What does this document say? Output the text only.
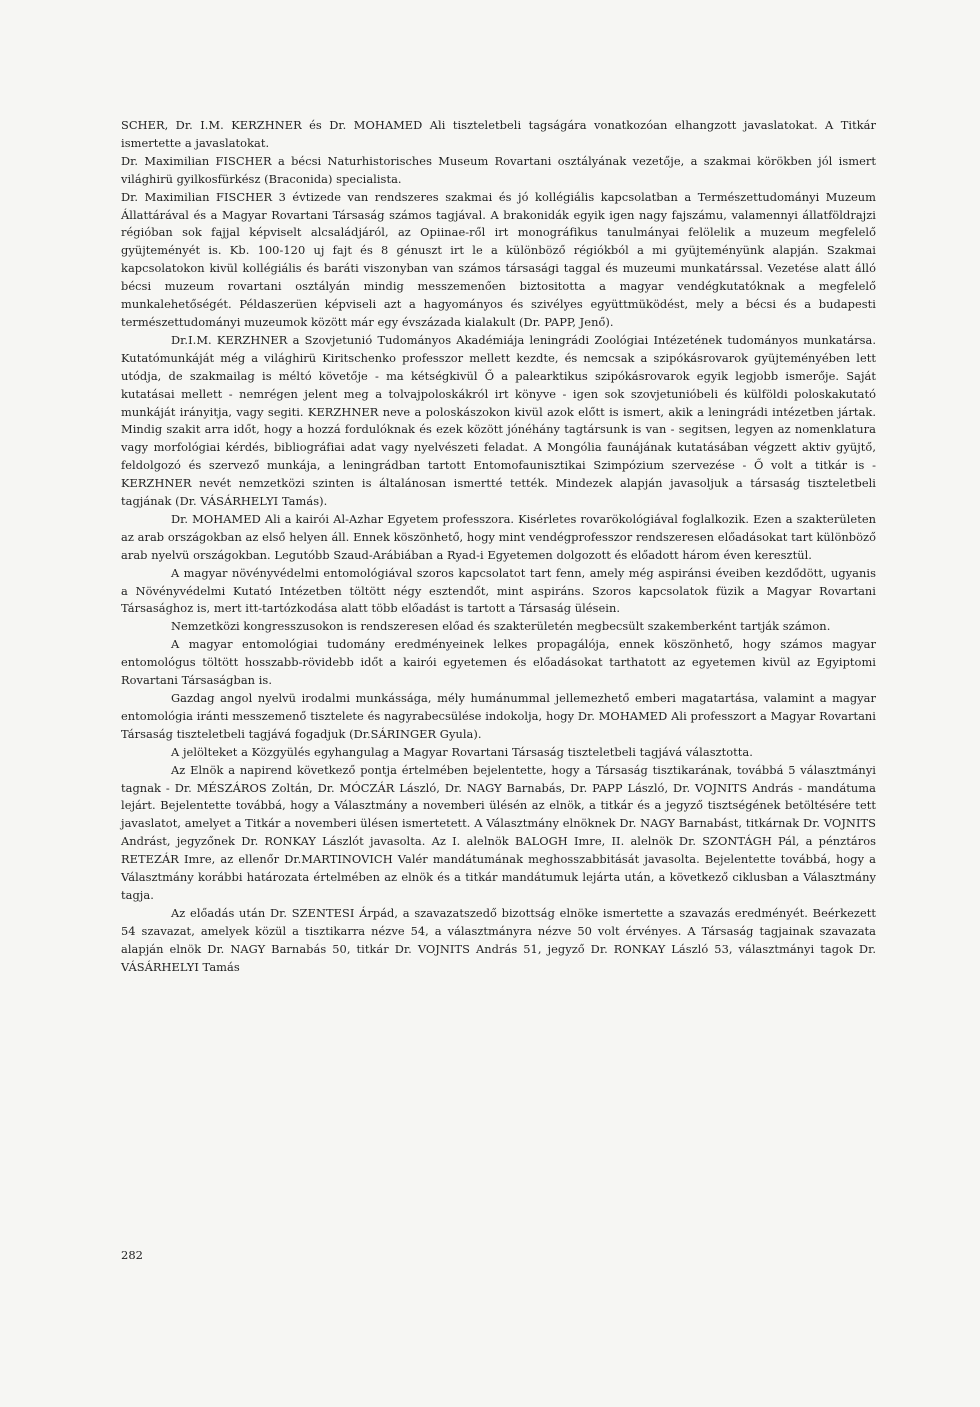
SCHER, Dr. I.M. KERZHNER és Dr. MOHAMED Ali tiszteletbeli tagságára vonatkozóan elhangzott javaslatokat. A Titkár ismertette a javaslatokat.

Dr. Maximilian FISCHER a bécsi Naturhistorisches Museum Rovartani osztályának vezetője, a szakmai körökben jól ismert világhirü gyilkosfürkész (Braconida) specialista.

Dr. Maximilian FISCHER 3 évtizede van rendszeres szakmai és jó kollégiális kapcsolatban a Természettudományi Muzeum Állattárával és a Magyar Rovartani Társaság számos tagjával. A brakonidák egyik igen nagy fajszámu, valamennyi állatföldrajzi régióban sok fajjal képviselt alcsaládjáról, az Opiinae-ről irt monográfikus tanulmányai felölelik a muzeum megfelelő gyüjteményét is. Kb. 100-120 uj fajt és 8 génuszt irt le a különböző régiókból a mi gyüjteményünk alapján. Szakmai kapcsolatokon kivül kollégiális és baráti viszonyban van számos társasági taggal és muzeumi munkatárssal. Vezetése alatt álló bécsi muzeum rovartani osztályán mindig messzemenően biztositotta a magyar vendégkutatóknak a megfelelő munkalehetőségét. Példaszerüen képviseli azt a hagyományos és szivélyes együttmüködést, mely a bécsi és a budapesti természettudományi muzeumok között már egy évszázada kialakult (Dr. PAPP, Jenő).

Dr.I.M. KERZHNER a Szovjetunió Tudományos Akadémiája leningrádi Zoológiai Intézetének tudományos munkatársa. Kutatómunkáját még a világhirü Kiritschenko professzor mellett kezdte, és nemcsak a szipókásrovarok gyüjteményében lett utódja, de szakmailag is méltó követője - ma kétségkivül Ő a palearktikus szipókásrovarok egyik legjobb ismerője. Saját kutatásai mellett - nemrégen jelent meg a tolvajpoloskákról irt könyve - igen sok szovjetunióbeli és külföldi poloskakutató munkáját irányitja, vagy segiti. KERZHNER neve a poloskászokon kivül azok előtt is ismert, akik a leningrádi intézetben jártak. Mindig szakit arra időt, hogy a hozzá fordulóknak és ezek között jónéhány tagtársunk is van - segitsen, legyen az nomenklatura vagy morfológiai kérdés, bibliográfiai adat vagy nyelvészeti feladat. A Mongólia faunájának kutatásában végzett aktiv gyüjtő, feldolgozó és szervező munkája, a leningrádban tartott Entomofaunisztikai Szimpózium szervezése - Ő volt a titkár is - KERZHNER nevét nemzetközi szinten is általánosan ismertté tették. Mindezek alapján javasoljuk a társaság tiszteletbeli tagjának (Dr. VÁSÁRHELYI Tamás).

Dr. MOHAMED Ali a kairói Al-Azhar Egyetem professzora. Kisérletes rovarökológiával foglalkozik. Ezen a szakterületen az arab országokban az első helyen áll. Ennek köszönhető, hogy mint vendégprofesszor rendszeresen előadásokat tart különböző arab nyelvü országokban. Legutóbb Szaud-Arábiában a Ryad-i Egyetemen dolgozott és előadott három éven keresztül.

A magyar növényvédelmi entomológiával szoros kapcsolatot tart fenn, amely még aspiránsi éveiben kezdődött, ugyanis a Növényvédelmi Kutató Intézetben töltött négy esztendőt, mint aspiráns. Szoros kapcsolatok füzik a Magyar Rovartani Társasághoz is, mert itt-tartózkodása alatt több előadást is tartott a Társaság ülésein.

Nemzetközi kongresszusokon is rendszeresen előad és szakterületén megbecsült szakemberként tartják számon.

A magyar entomológiai tudomány eredményeinek lelkes propagálója, ennek köszönhető, hogy számos magyar entomológus töltött hosszabb-rövidebb időt a kairói egyetemen és előadásokat tarthatott az egyetemen kivül az Egyiptomi Rovartani Társaságban is.

Gazdag angol nyelvü irodalmi munkássága, mély humánummal jellemezhető emberi magatartása, valamint a magyar entomológia iránti messzemenő tisztelete és nagyrabecsülése indokolja, hogy Dr. MOHAMED Ali professzort a Magyar Rovartani Társaság tiszteletbeli tagjává fogadjuk (Dr.SÁRINGER Gyula).

A jelölteket a Közgyülés egyhangulag a Magyar Rovartani Társaság tiszteletbeli tagjává választotta.

Az Elnök a napirend következő pontja értelmében bejelentette, hogy a Társaság tisztikarának, továbbá 5 választmányi tagnak - Dr. MÉSZÁROS Zoltán, Dr. MÓCZÁR László, Dr. NAGY Barnabás, Dr. PAPP László, Dr. VOJNITS András - mandátuma lejárt. Bejelentette továbbá, hogy a Választmány a novemberi ülésén az elnök, a titkár és a jegyző tisztségének betöltésére tett javaslatot, amelyet a Titkár a novemberi ülésen ismertetett. A Választmány elnöknek Dr. NAGY Barnabást, titkárnak Dr. VOJNITS Andrást, jegyzőnek Dr. RONKAY Lászlót javasolta. Az I. alelnök BALOGH Imre, II. alelnök Dr. SZONTÁGH Pál, a pénztáros RETEZÁR Imre, az ellenőr Dr.MARTINOVICH Valér mandátumának meghosszabbitását javasolta. Bejelentette továbbá, hogy a Választmány korábbi határozata értelmében az elnök és a titkár mandátumuk lejárta után, a következő ciklusban a Választmány tagja.

Az előadás után Dr. SZENTESI Árpád, a szavazatszedő bizottság elnöke ismertette a szavazás eredményét. Beérkezett 54 szavazat, amelyek közül a tisztikarra nézve 54, a választmányra nézve 50 volt érvényes. A Társaság tagjainak szavazata alapján elnök Dr. NAGY Barnabás 50, titkár Dr. VOJNITS András 51, jegyző Dr. RONKAY László 53, választmányi tagok Dr. VÁSÁRHELYI Tamás

282
